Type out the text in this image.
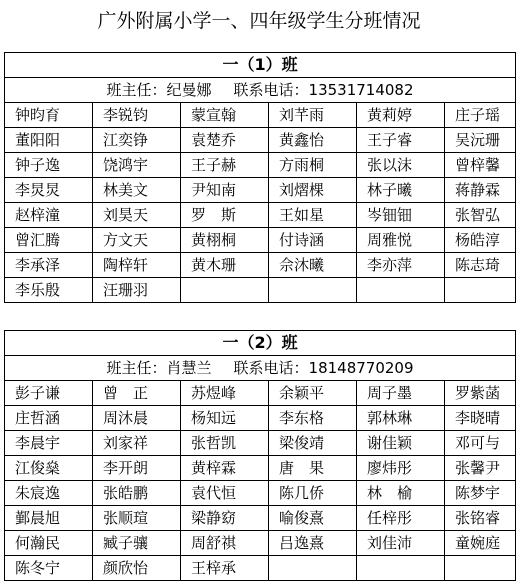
广外附属小学一、四年级学生分班情况
一（1）班					
班主任：纪曼娜 联系电话：13531714082					
钟昀育	李锐钧	蒙宣翰	刘芊雨	黄莉婷	庄子瑶
董阳阳	江奕铮	袁楚乔	黄鑫怡	王子睿	吴沅珊
钟子逸	饶鸿宇	王子赫	方雨桐	张以沫	曾梓馨
李炅炅	林美文	尹知南	刘熠棵	林子曦	蒋静霖
赵梓潼	刘昊天	罗　斯	王如星	岑钿钿	张智弘
曾汇腾	方文天	黄栩桐	付诗涵	周雅悦	杨皓淳
李承泽	陶梓轩	黄木珊	佘沐曦	李亦萍	陈志琦
李乐殷	汪珊羽				
一（2）班					
班主任：肖慧兰 联系电话：18148770209					
彭子谦	曾　正	苏煜峰	余颖平	周子墨	罗紫菡
庄哲涵	周沐晨	杨知远	李东格	郭林琳	李晓晴
李晨宇	刘家祥	张哲凯	梁俊靖	谢佳颖	邓可与
江俊燊	李开朗	黄梓霖	唐　果	廖炜彤	张馨尹
朱宸逸	张皓鹏	袁代恒	陈几侨	林　榆	陈梦宇
鄞晨旭	张顺瑄	梁静窈	喻俊熹	任梓彤	张铭睿
何瀚民	臧子骧	周舒祺	吕逸熹	刘佳沛	童婉庭
陈冬宁	颜欣怡	王梓承			
